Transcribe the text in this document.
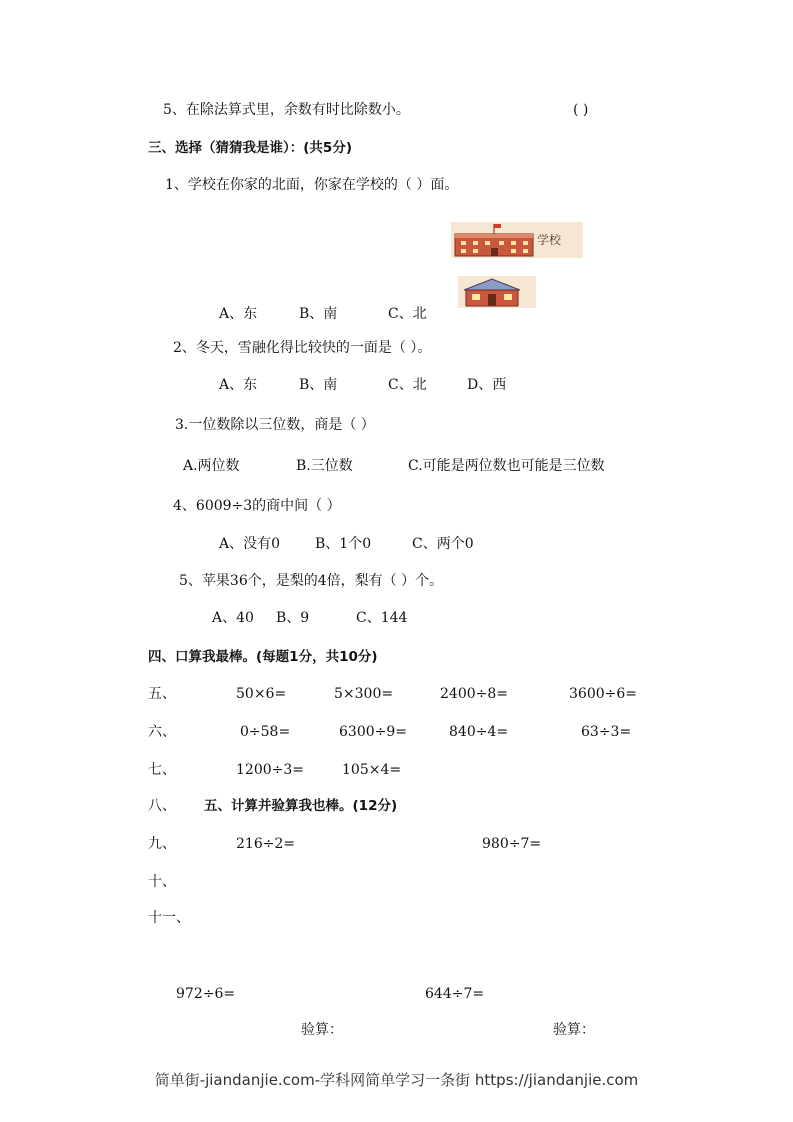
5、在除法算式里，余数有时比除数小。	( )
三、选择（猜猜我是谁）：(共5分)
1、学校在你家的北面，你家在学校的（ ）面。
学校
A、东	B、南	C、北
2、冬天，雪融化得比较快的一面是（ ）。
A、东	B、南	C、北	D、西
3.一位数除以三位数，商是（ ）
A.两位数	B.三位数	C.可能是两位数也可能是三位数
4、6009÷3的商中间（ ）
A、没有0 B、1个0	C、两个0
5、苹果36个，是梨的4倍，梨有（ ）个。
A、40 B、9	C、144
四、口算我最棒。(每题1分，共10分)
五、	50×6=	5×300=	2400÷8=	3600÷6=
六、	0÷58=	6300÷9=	840÷4=	63÷3=
七、	1200÷3=	105×4=
八、 五、计算并验算我也棒。(12分)
九、	216÷2=	980÷7=
十、
十一、
972÷6=	644÷7=
验算：	验算：
简单街-jiandanjie.com-学科网简单学习一条街 https://jiandanjie.com
